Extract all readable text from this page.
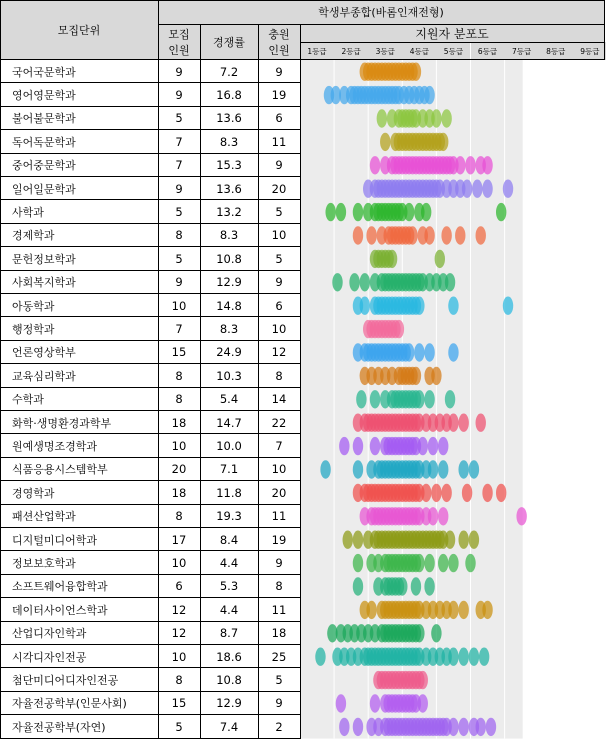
모집단위
학생부종합(바롬인재전형)
모집
인원
경쟁률
충원
인원
지원자 분포도
1등급	2등급	3등급	4등급	5등급	6등급	7등급	8등급	9등급
국어국문학과	9	7.2	9
영어영문학과	9	16.8	19
불어불문학과	5	13.6	6
독어독문학과	7	8.3	11
중어중문학과	7	15.3	9
일어일문학과	9	13.6	20
사학과	5	13.2	5
경제학과	8	8.3	10
문헌정보학과	5	10.8	5
사회복지학과	9	12.9	9
아동학과	10	14.8	6
행정학과	7	8.3	10
언론영상학부	15	24.9	12
교육심리학과	8	10.3	8
수학과	8	5.4	14
화학·생명환경과학부	18	14.7	22
원예생명조경학과	10	10.0	7
식품응용시스템학부	20	7.1	10
경영학과	18	11.8	20
패션산업학과	8	19.3	11
디지털미디어학과	17	8.4	19
정보보호학과	10	4.4	9
소프트웨어융합학과	6	5.3	8
데이터사이언스학과	12	4.4	11
산업디자인학과	12	8.7	18
시각디자인전공	10	18.6	25
첨단미디어디자인전공	8	10.8	5
자율전공학부(인문사회)	15	12.9	9
자율전공학부(자연)	5	7.4	2
